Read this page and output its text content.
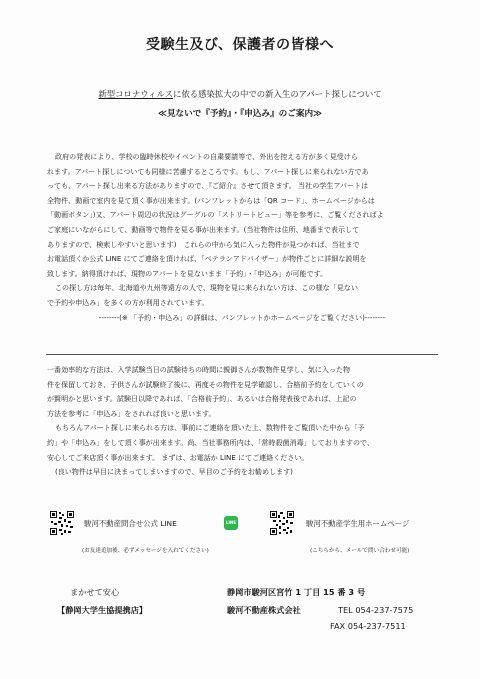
受験生及び、保護者の皆様へ
新型コロナウィルスに依る感染拡大の中での新入生のアパート探しについて
≪見ないで『予約』・『申込み』のご案内≫

政府の発表により、学校の臨時休校やイベントの自粛要請等で、外出を控える方が多く見受けら

れます。アパート探しについても同様に苦慮するところです。もし、アパート探しに来られない方であ

っても、アパート探し出来る方法がありますので、『ご紹介』させて頂きます。 当社の学生アパートは

全物件、動画で室内を見て頂く事が出来ます。(パンフレットからは「QR コード」、ホームページからは

「動画ボタン」)又、アパート周辺の状況はグーグルの「ストリートビュー」等を参考に、ご覧くださればよ

ご家庭にいながらにして、動画等で物件を見る事が出来ます。(当社物件は住所、地番まで表示して

ありますので、検索しやすいと思います)　これらの中から気に入った物件が見つかれば、当社まで

お電話頂くか公式 LINE にてご連絡を頂ければ、「ベテランアドバイザー」が物件ごとに詳細な説明を

致します。納得頂ければ、現物のアパートを見ないまま「予約」・「申込み」が可能です。

この探し方は毎年、北海道や九州等遠方の人で、現物を見に来られない方は、この様な「見ない

で予約や申込み」を多くの方が利用されています。

--------(※ 「予約・申込み」の詳細は、パンフレットかホームページをご覧ください)--------

一番効率的な方法は、入学試験当日の試験待ちの時間に親御さんが数物件見学し、気に入った物

件を保留しておき、子供さんが試験終了後に、再度その物件を見学確認し、合格前予約をしていくの

が賢明かと思います。試験日以降であれば、「合格前予約」、あるいは合格発表後であれば、上記の

方法を参考に「申込み」をされれば良いと思います。

もちろんアパート探しに来られる方は、事前にご連絡を頂いた上、数物件をご覧頂いた中から「予

約」や「申込み」をして頂く事が出来ます。尚、当社事務所内は、「常時殺菌消毒」しておりますので、

安心してご来店頂く事が出来ます。 まずは、お電話か LINE にてご連絡ください。

(良い物件は早目に決まってしまいますので、早目のご予約をお勧めします)

駿河不動産問合せ公式 LINE	LINE
(お友達追加後、必ずメッセージを入れてください)
駿河不動産学生用ホームページ
(こちらから、メールで問い合わせ可能)
まかせて安心
【静岡大学生協提携店】
静岡市駿河区宮竹 1 丁目 15 番 3 号
駿河不動産株式会社	TEL 054-237-7575
FAX 054-237-7511
